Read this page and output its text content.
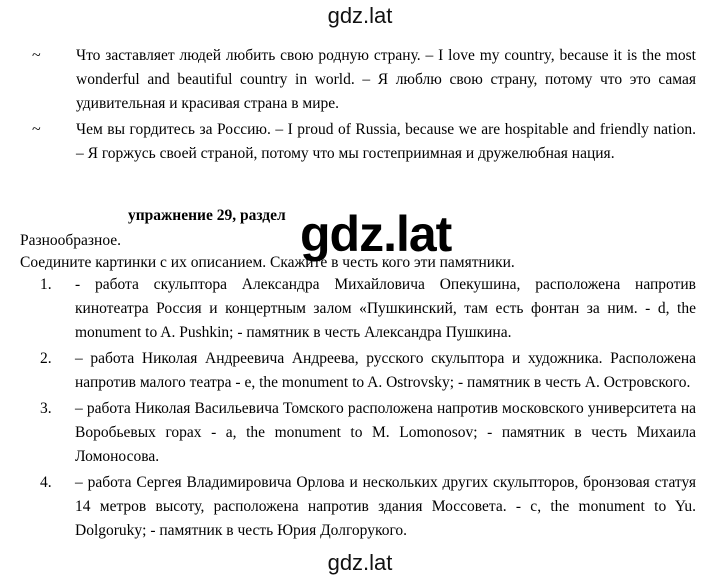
gdz.lat
~	Что заставляет людей любить свою родную страну. – I love my country, because it is the most wonderful and beautiful country in world. – Я люблю свою страну, потому что это самая удивительная и красивая страна в мире.
~	Чем вы гордитесь за Россию. – I proud of Russia, because we are hospitable and friendly nation. – Я горжусь своей страной, потому что мы гостеприимная и дружелюбная нация.
упражнение 29, раздел
Разнообразное.
Соедините картинки с их описанием. Скажите в честь кого эти памятники.
1.	- работа скульптора Александра Михайловича Опекушина, расположена напротив кинотеатра Россия и концертным залом «Пушкинский, там есть фонтан за ним. - d, the monument to A. Pushkin; - памятник в честь Александра Пушкина.
2.	– работа Николая Андреевича Андреева, русского скульптора и художника. Расположена напротив малого театра - e, the monument to A. Ostrovsky; - памятник в честь А. Островского.
3.	– работа Николая Васильевича Томского расположена напротив московского университета на Воробьевых горах - a, the monument to M. Lomonosov; - памятник в честь Михаила Ломоносова.
4.	– работа Сергея Владимировича Орлова и нескольких других скульпторов, бронзовая статуя 14 метров высоту, расположена напротив здания Моссовета. - c, the monument to Yu. Dolgoruky; - памятник в честь Юрия Долгорукого.
gdz.lat
gdz.lat
